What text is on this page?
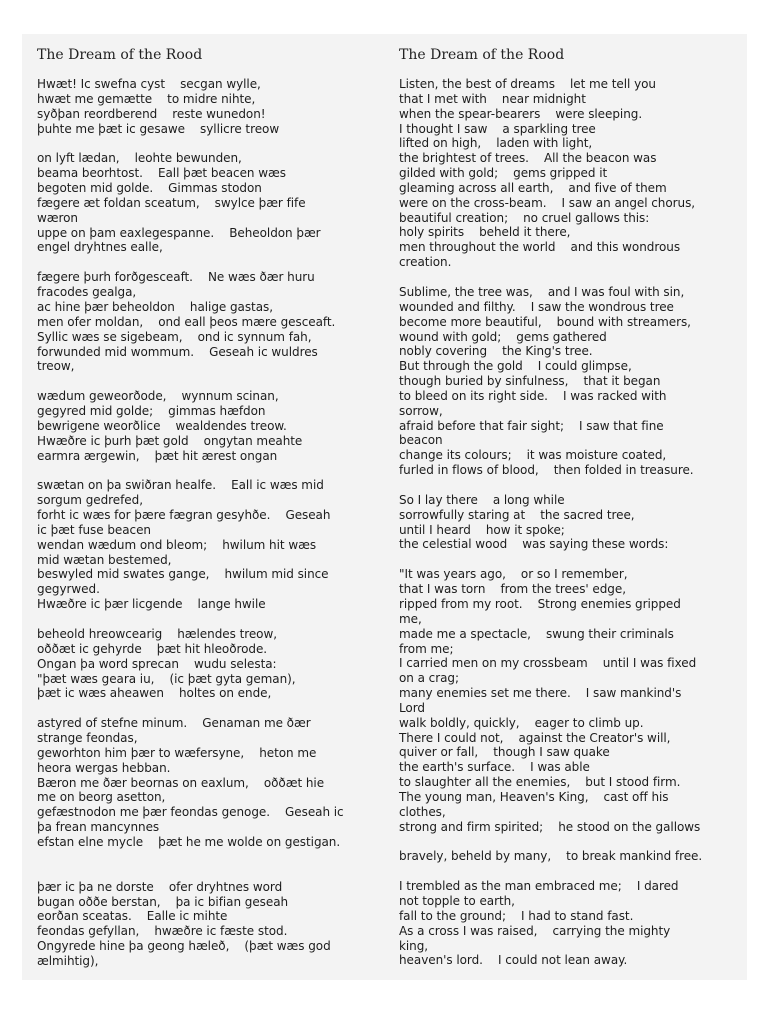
The Dream of the Rood
Hwæt! Ic swefna cyst    secgan wylle,
hwæt me gemætte    to midre nihte,
syðþan reordberend    reste wunedon!
þuhte me þæt ic gesawe    syllicre treow
on lyft lædan,    leohte bewunden,
beama beorhtost.    Eall þæt beacen wæs
begoten mid golde.    Gimmas stodon
fægere æt foldan sceatum,    swylce þær fife
wæron
uppe on þam eaxlegespanne.    Beheoldon þær
engel dryhtnes ealle,
fægere þurh forðgesceaft.    Ne wæs ðær huru
fracodes gealga,
ac hine þær beheoldon    halige gastas,
men ofer moldan,    ond eall þeos mære gesceaft.
Syllic wæs se sigebeam,    ond ic synnum fah,
forwunded mid wommum.    Geseah ic wuldres
treow,
wædum geweorðode,    wynnum scinan,
gegyred mid golde;    gimmas hæfdon
bewrigene weorðlice    wealdendes treow.
Hwæðre ic þurh þæt gold    ongytan meahte
earmra ærgewin,    þæt hit ærest ongan
swætan on þa swiðran healfe.    Eall ic wæs mid
sorgum gedrefed,
forht ic wæs for þære fægran gesyhðe.    Geseah
ic þæt fuse beacen
wendan wædum ond bleom;    hwilum hit wæs
mid wætan bestemed,
beswyled mid swates gange,    hwilum mid since
gegyrwed.
Hwæðre ic þær licgende    lange hwile
beheold hreowcearig    hælendes treow,
oððæt ic gehyrde    þæt hit hleoðrode.
Ongan þa word sprecan    wudu selesta:
"þæt wæs geara iu,    (ic þæt gyta geman),
þæt ic wæs aheawen    holtes on ende,
astyred of stefne minum.    Genaman me ðær
strange feondas,
geworhton him þær to wæfersyne,    heton me
heora wergas hebban.
Bæron me ðær beornas on eaxlum,    oððæt hie
me on beorg asetton,
gefæstnodon me þær feondas genoge.    Geseah ic
þa frean mancynnes
efstan elne mycle    þæt he me wolde on gestigan.

þær ic þa ne dorste    ofer dryhtnes word
bugan oððe berstan,    þa ic bifian geseah
eorðan sceatas.    Ealle ic mihte
feondas gefyllan,    hwæðre ic fæste stod.
Ongyrede hine þa geong hæleð,    (þæt wæs god
ælmihtig),
The Dream of the Rood
Listen, the best of dreams    let me tell you
that I met with    near midnight
when the spear-bearers    were sleeping.
I thought I saw    a sparkling tree
lifted on high,    laden with light,
the brightest of trees.    All the beacon was
gilded with gold;    gems gripped it
gleaming across all earth,    and five of them
were on the cross-beam.    I saw an angel chorus,
beautiful creation;    no cruel gallows this:
holy spirits    beheld it there,
men throughout the world    and this wondrous
creation.
Sublime, the tree was,    and I was foul with sin,
wounded and filthy.    I saw the wondrous tree
become more beautiful,    bound with streamers,
wound with gold;    gems gathered
nobly covering    the King's tree.
But through the gold    I could glimpse,
though buried by sinfulness,    that it began
to bleed on its right side.    I was racked with
sorrow,
afraid before that fair sight;    I saw that fine
beacon
change its colours;    it was moisture coated,
furled in flows of blood,    then folded in treasure.
So I lay there    a long while
sorrowfully staring at    the sacred tree,
until I heard    how it spoke;
the celestial wood    was saying these words:
"It was years ago,    or so I remember,
that I was torn    from the trees' edge,
ripped from my root.    Strong enemies gripped
me,
made me a spectacle,    swung their criminals
from me;
I carried men on my crossbeam    until I was fixed
on a crag;
many enemies set me there.    I saw mankind's
Lord
walk boldly, quickly,    eager to climb up.
There I could not,    against the Creator's will,
quiver or fall,    though I saw quake
the earth's surface.    I was able
to slaughter all the enemies,    but I stood firm.
The young man, Heaven's King,    cast off his
clothes,
strong and firm spirited;    he stood on the gallows

bravely, beheld by many,    to break mankind free.
I trembled as the man embraced me;    I dared
not topple to earth,
fall to the ground;    I had to stand fast.
As a cross I was raised,    carrying the mighty
king,
heaven's lord.    I could not lean away.
